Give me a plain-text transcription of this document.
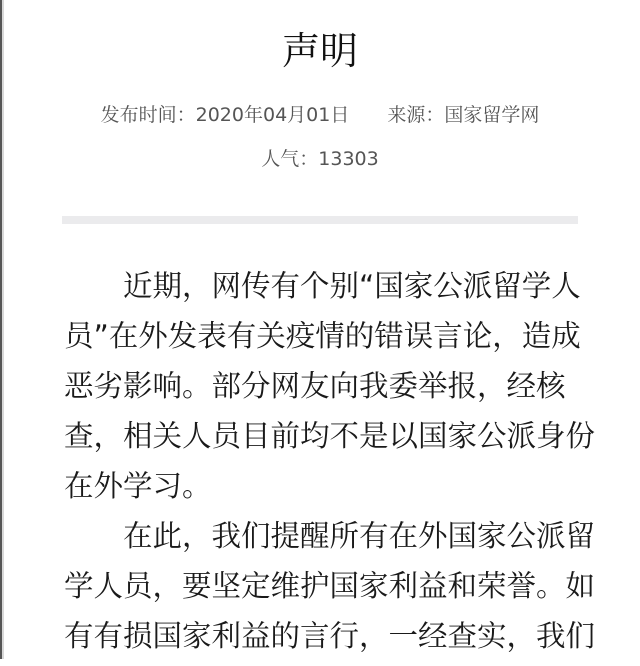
声明
发布时间：2020年04月01日 来源：国家留学网
人气：13303
近期，网传有个别“国家公派留学人
员”在外发表有关疫情的错误言论，造成
恶劣影响。部分网友向我委举报，经核
查，相关人员目前均不是以国家公派身份
在外学习。
在此，我们提醒所有在外国家公派留
学人员，要坚定维护国家利益和荣誉。如
有有损国家利益的言行，一经查实，我们
